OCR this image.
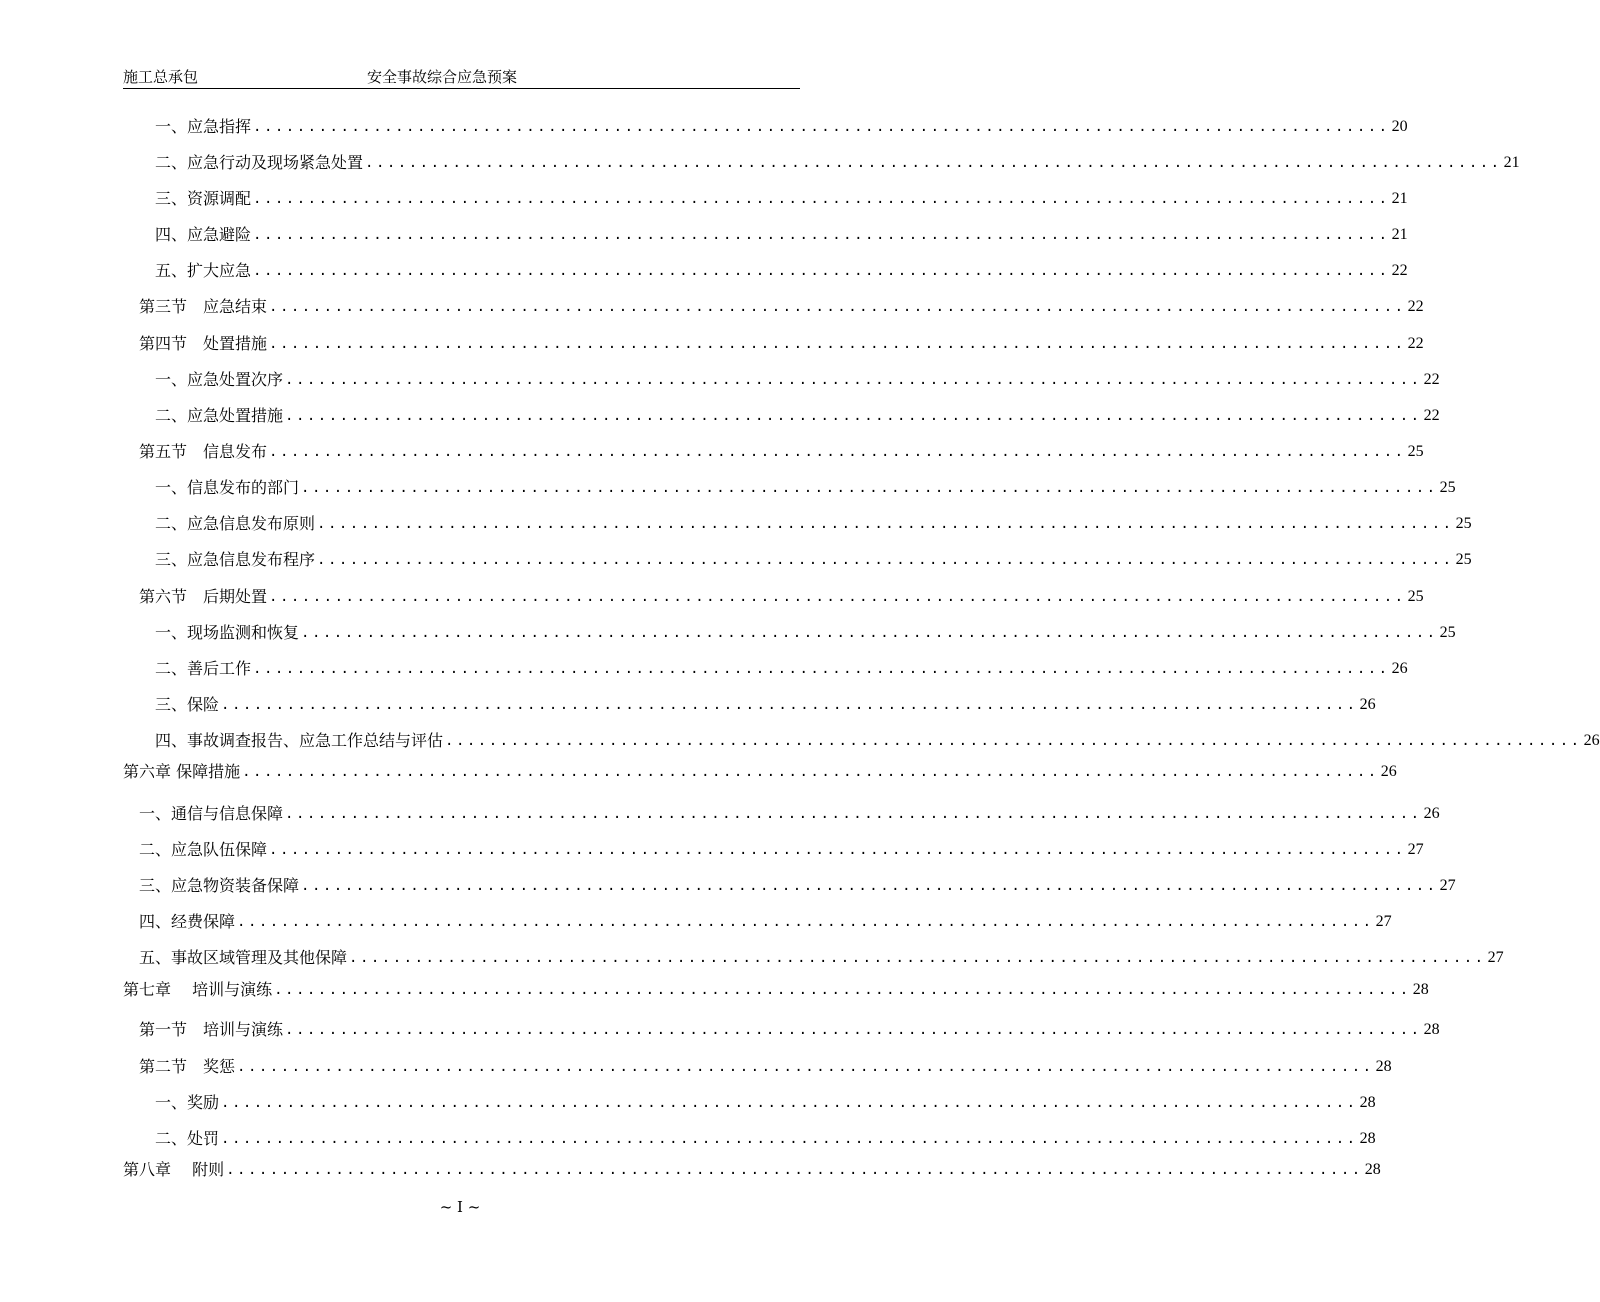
施工总承包	安全事故综合应急预案
一、应急指挥 ........................................................................................................ 20
二、应急行动及现场紧急处置 ........................................................................................................ 21
三、资源调配 ........................................................................................................ 21
四、应急避险 ........................................................................................................ 21
五、扩大应急 ........................................................................................................ 22
第三节　应急结束 ........................................................................................................ 22
第四节　处置措施 ........................................................................................................ 22
一、应急处置次序 ........................................................................................................ 22
二、应急处置措施 ........................................................................................................ 22
第五节　信息发布 ........................................................................................................ 25
一、信息发布的部门 ........................................................................................................ 25
二、应急信息发布原则 ........................................................................................................ 25
三、应急信息发布程序 ........................................................................................................ 25
第六节　后期处置 ........................................................................................................ 25
一、现场监测和恢复 ........................................................................................................ 25
二、善后工作 ........................................................................................................ 26
三、保险 ........................................................................................................ 26
四、事故调查报告、应急工作总结与评估 ........................................................................................................ 26
第六章 保障措施 ........................................................................................................ 26
一、通信与信息保障 ........................................................................................................ 26
二、应急队伍保障 ........................................................................................................ 27
三、应急物资装备保障 ........................................................................................................ 27
四、经费保障 ........................................................................................................ 27
五、事故区域管理及其他保障 ........................................................................................................ 27
第七章　 培训与演练 ........................................................................................................ 28
第一节　培训与演练 ........................................................................................................ 28
第二节　奖惩 ........................................................................................................ 28
一、奖励 ........................................................................................................ 28
二、处罚 ........................................................................................................ 28
第八章　 附则 ........................................................................................................ 28
~ I ~
